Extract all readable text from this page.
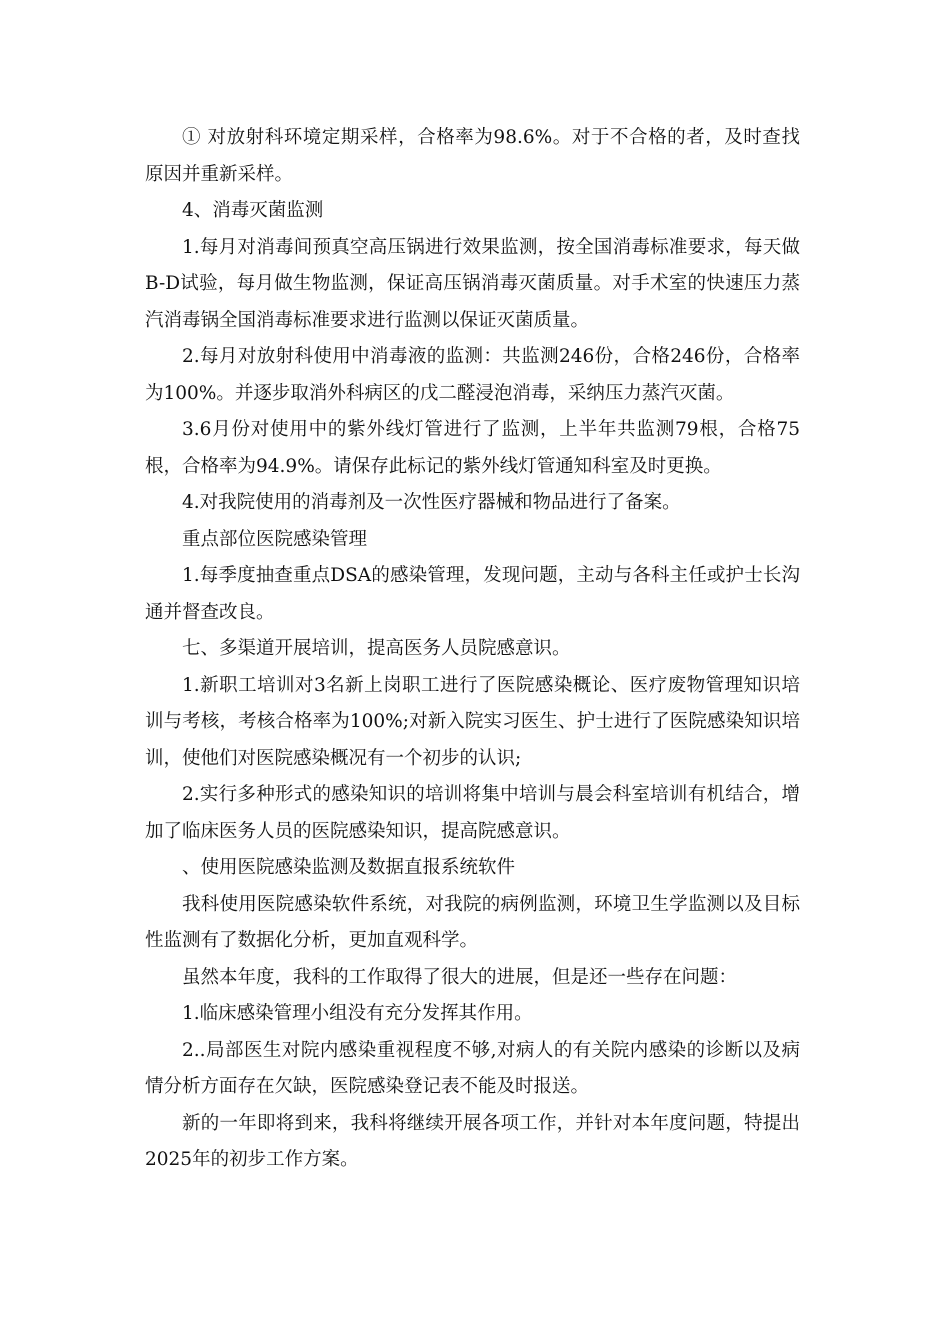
① 对放射科环境定期采样，合格率为98.6%。对于不合格的者，及时查找原因并重新采样。

4、消毒灭菌监测

1.每月对消毒间预真空高压锅进行效果监测，按全国消毒标准要求，每天做B-D试验，每月做生物监测，保证高压锅消毒灭菌质量。对手术室的快速压力蒸汽消毒锅全国消毒标准要求进行监测以保证灭菌质量。

2.每月对放射科使用中消毒液的监测：共监测246份，合格246份，合格率为100%。并逐步取消外科病区的戊二醛浸泡消毒，采纳压力蒸汽灭菌。

3.6月份对使用中的紫外线灯管进行了监测，上半年共监测79根，合格75根，合格率为94.9%。请保存此标记的紫外线灯管通知科室及时更换。

4.对我院使用的消毒剂及一次性医疗器械和物品进行了备案。

重点部位医院感染管理

1.每季度抽查重点DSA的感染管理，发现问题，主动与各科主任或护士长沟通并督查改良。

七、多渠道开展培训，提高医务人员院感意识。

1.新职工培训对3名新上岗职工进行了医院感染概论、医疗废物管理知识培训与考核，考核合格率为100%;对新入院实习医生、护士进行了医院感染知识培训，使他们对医院感染概况有一个初步的认识;

2.实行多种形式的感染知识的培训将集中培训与晨会科室培训有机结合，增加了临床医务人员的医院感染知识，提高院感意识。

、使用医院感染监测及数据直报系统软件

我科使用医院感染软件系统，对我院的病例监测，环境卫生学监测以及目标性监测有了数据化分析，更加直观科学。

虽然本年度，我科的工作取得了很大的进展，但是还一些存在问题：

1.临床感染管理小组没有充分发挥其作用。

2..局部医生对院内感染重视程度不够,对病人的有关院内感染的诊断以及病情分析方面存在欠缺，医院感染登记表不能及时报送。

新的一年即将到来，我科将继续开展各项工作，并针对本年度问题，特提出2025年的初步工作方案。
